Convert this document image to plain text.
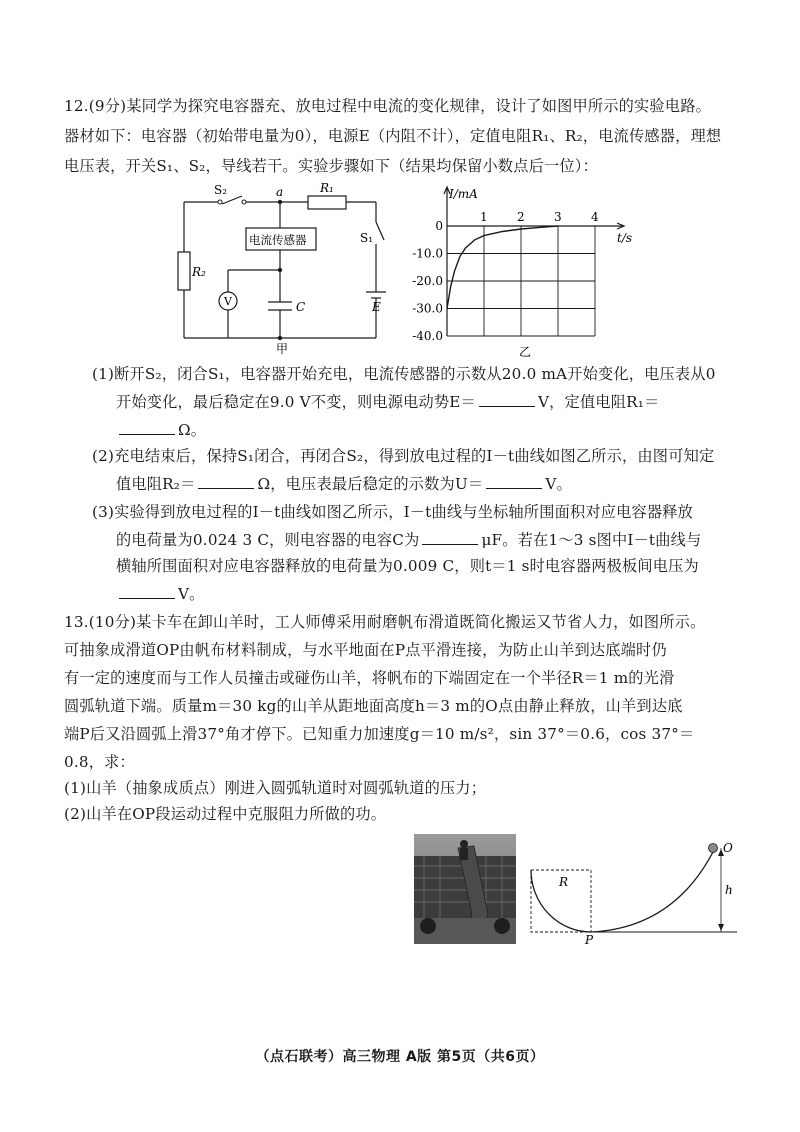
12.(9分)某同学为探究电容器充、放电过程中电流的变化规律，设计了如图甲所示的实验电路。
器材如下：电容器（初始带电量为0），电源E（内阻不计），定值电阻R₁、R₂，电流传感器，理想
电压表，开关S₁、S₂，导线若干。实验步骤如下（结果均保留小数点后一位）：
S₂	a	R₁
S₁
R₂
V	C	E
电流传感器
甲
1 2 3 4
0
-10.0
-20.0
-30.0
-40.0
I/mA
t/s
乙
(1)断开S₂，闭合S₁，电容器开始充电，电流传感器的示数从20.0 mA开始变化，电压表从0
开始变化，最后稳定在9.0 V不变，则电源电动势E＝	V，定值电阻R₁＝
Ω。
(2)充电结束后，保持S₁闭合，再闭合S₂，得到放电过程的I－t曲线如图乙所示，由图可知定
值电阻R₂＝	Ω，电压表最后稳定的示数为U＝	V。
(3)实验得到放电过程的I－t曲线如图乙所示，I－t曲线与坐标轴所围面积对应电容器释放
的电荷量为0.024 3 C，则电容器的电容C为	μF。若在1～3 s图中I－t曲线与
横轴所围面积对应电容器释放的电荷量为0.009 C，则t＝1 s时电容器两极板间电压为
V。
13.(10分)某卡车在卸山羊时，工人师傅采用耐磨帆布滑道既简化搬运又节省人力，如图所示。
可抽象成滑道OP由帆布材料制成，与水平地面在P点平滑连接，为防止山羊到达底端时仍
有一定的速度而与工作人员撞击或碰伤山羊，将帆布的下端固定在一个半径R＝1 m的光滑
圆弧轨道下端。质量m＝30 kg的山羊从距地面高度h＝3 m的O点由静止释放，山羊到达底
端P后又沿圆弧上滑37°角才停下。已知重力加速度g＝10 m/s²，sin 37°＝0.6，cos 37°＝
0.8，求：
(1)山羊（抽象成质点）刚进入圆弧轨道时对圆弧轨道的压力；
(2)山羊在OP段运动过程中克服阻力所做的功。
R
P
O
h
（点石联考）高三物理 A版 第5页（共6页）
